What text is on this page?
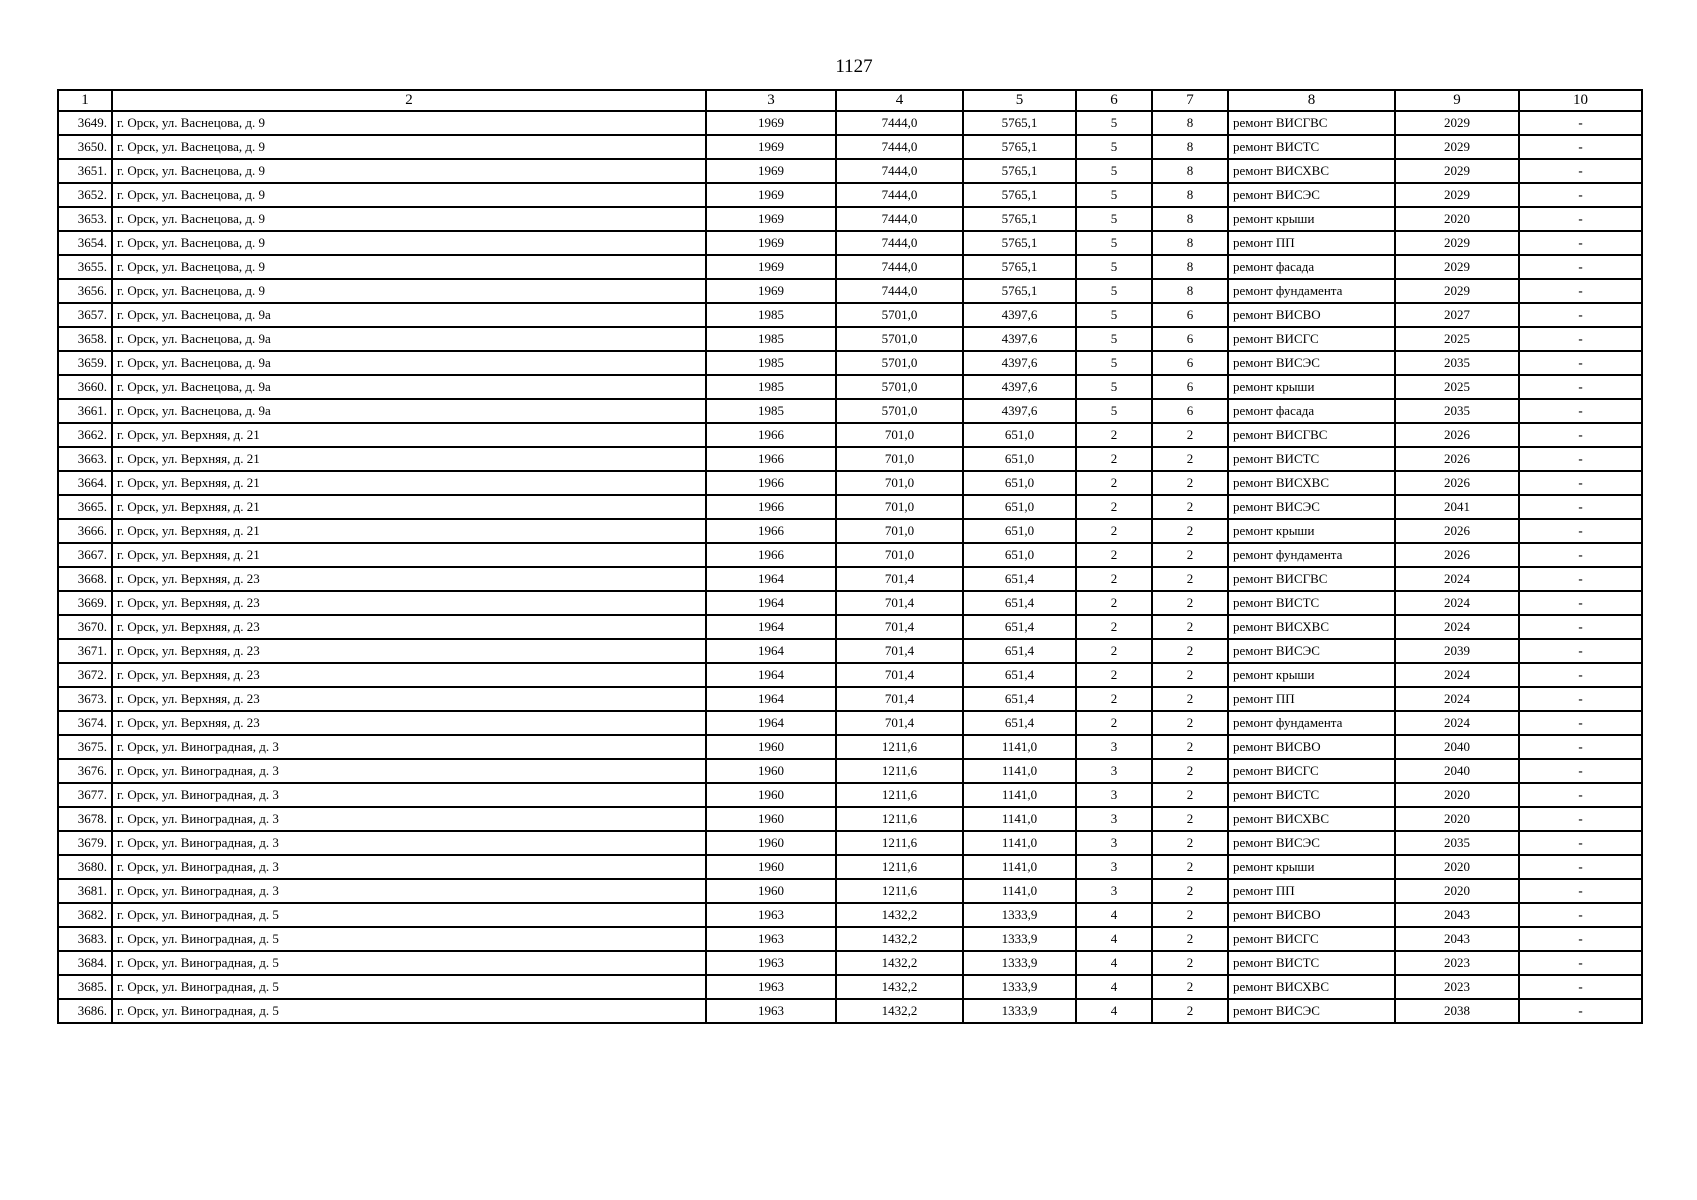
1127
1	2	3	4	5	6	7	8	9	10
3649.	г. Орск, ул. Васнецова, д. 9	1969	7444,0	5765,1	5	8	ремонт ВИСГВС	2029	-
3650.	г. Орск, ул. Васнецова, д. 9	1969	7444,0	5765,1	5	8	ремонт ВИСТС	2029	-
3651.	г. Орск, ул. Васнецова, д. 9	1969	7444,0	5765,1	5	8	ремонт ВИСХВС	2029	-
3652.	г. Орск, ул. Васнецова, д. 9	1969	7444,0	5765,1	5	8	ремонт ВИСЭС	2029	-
3653.	г. Орск, ул. Васнецова, д. 9	1969	7444,0	5765,1	5	8	ремонт крыши	2020	-
3654.	г. Орск, ул. Васнецова, д. 9	1969	7444,0	5765,1	5	8	ремонт ПП	2029	-
3655.	г. Орск, ул. Васнецова, д. 9	1969	7444,0	5765,1	5	8	ремонт фасада	2029	-
3656.	г. Орск, ул. Васнецова, д. 9	1969	7444,0	5765,1	5	8	ремонт фундамента	2029	-
3657.	г. Орск, ул. Васнецова, д. 9а	1985	5701,0	4397,6	5	6	ремонт ВИСВО	2027	-
3658.	г. Орск, ул. Васнецова, д. 9а	1985	5701,0	4397,6	5	6	ремонт ВИСГС	2025	-
3659.	г. Орск, ул. Васнецова, д. 9а	1985	5701,0	4397,6	5	6	ремонт ВИСЭС	2035	-
3660.	г. Орск, ул. Васнецова, д. 9а	1985	5701,0	4397,6	5	6	ремонт крыши	2025	-
3661.	г. Орск, ул. Васнецова, д. 9а	1985	5701,0	4397,6	5	6	ремонт фасада	2035	-
3662.	г. Орск, ул. Верхняя, д. 21	1966	701,0	651,0	2	2	ремонт ВИСГВС	2026	-
3663.	г. Орск, ул. Верхняя, д. 21	1966	701,0	651,0	2	2	ремонт ВИСТС	2026	-
3664.	г. Орск, ул. Верхняя, д. 21	1966	701,0	651,0	2	2	ремонт ВИСХВС	2026	-
3665.	г. Орск, ул. Верхняя, д. 21	1966	701,0	651,0	2	2	ремонт ВИСЭС	2041	-
3666.	г. Орск, ул. Верхняя, д. 21	1966	701,0	651,0	2	2	ремонт крыши	2026	-
3667.	г. Орск, ул. Верхняя, д. 21	1966	701,0	651,0	2	2	ремонт фундамента	2026	-
3668.	г. Орск, ул. Верхняя, д. 23	1964	701,4	651,4	2	2	ремонт ВИСГВС	2024	-
3669.	г. Орск, ул. Верхняя, д. 23	1964	701,4	651,4	2	2	ремонт ВИСТС	2024	-
3670.	г. Орск, ул. Верхняя, д. 23	1964	701,4	651,4	2	2	ремонт ВИСХВС	2024	-
3671.	г. Орск, ул. Верхняя, д. 23	1964	701,4	651,4	2	2	ремонт ВИСЭС	2039	-
3672.	г. Орск, ул. Верхняя, д. 23	1964	701,4	651,4	2	2	ремонт крыши	2024	-
3673.	г. Орск, ул. Верхняя, д. 23	1964	701,4	651,4	2	2	ремонт ПП	2024	-
3674.	г. Орск, ул. Верхняя, д. 23	1964	701,4	651,4	2	2	ремонт фундамента	2024	-
3675.	г. Орск, ул. Виноградная, д. 3	1960	1211,6	1141,0	3	2	ремонт ВИСВО	2040	-
3676.	г. Орск, ул. Виноградная, д. 3	1960	1211,6	1141,0	3	2	ремонт ВИСГС	2040	-
3677.	г. Орск, ул. Виноградная, д. 3	1960	1211,6	1141,0	3	2	ремонт ВИСТС	2020	-
3678.	г. Орск, ул. Виноградная, д. 3	1960	1211,6	1141,0	3	2	ремонт ВИСХВС	2020	-
3679.	г. Орск, ул. Виноградная, д. 3	1960	1211,6	1141,0	3	2	ремонт ВИСЭС	2035	-
3680.	г. Орск, ул. Виноградная, д. 3	1960	1211,6	1141,0	3	2	ремонт крыши	2020	-
3681.	г. Орск, ул. Виноградная, д. 3	1960	1211,6	1141,0	3	2	ремонт ПП	2020	-
3682.	г. Орск, ул. Виноградная, д. 5	1963	1432,2	1333,9	4	2	ремонт ВИСВО	2043	-
3683.	г. Орск, ул. Виноградная, д. 5	1963	1432,2	1333,9	4	2	ремонт ВИСГС	2043	-
3684.	г. Орск, ул. Виноградная, д. 5	1963	1432,2	1333,9	4	2	ремонт ВИСТС	2023	-
3685.	г. Орск, ул. Виноградная, д. 5	1963	1432,2	1333,9	4	2	ремонт ВИСХВС	2023	-
3686.	г. Орск, ул. Виноградная, д. 5	1963	1432,2	1333,9	4	2	ремонт ВИСЭС	2038	-
